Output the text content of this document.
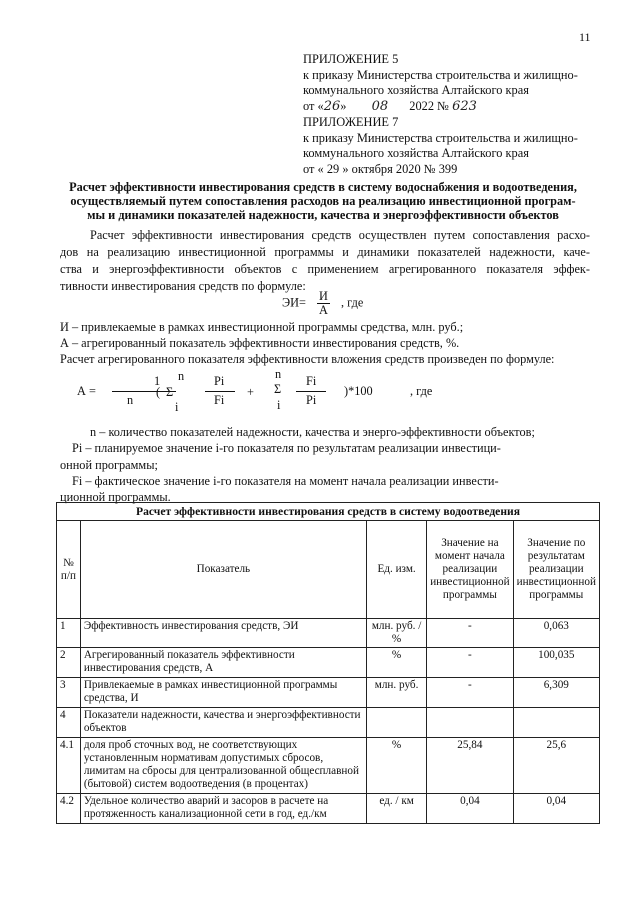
11
ПРИЛОЖЕНИЕ 5
к приказу Министерства строительства и жилищно-
коммунального хозяйства Алтайского края
от «26» 08 2022 № 623
ПРИЛОЖЕНИЕ 7
к приказу Министерства строительства и жилищно-
коммунального хозяйства Алтайского края
от « 29 » октября 2020 № 399
Расчет эффективности инвестирования средств в систему водоснабжения и водоотведения,
осуществляемый путем сопоставления расходов на реализацию инвестиционной програм-
мы и динамики показателей надежности, качества и энергоэффективности объектов
Расчет эффективности инвестирования средств осуществлен путем сопоставления расхо-
дов на реализацию инвестиционной программы и динамики показателей надежности, каче-
ства и энергоэффективности объектов с применением агрегированного показателя эффек-
тивности инвестирования средств по формуле:
$ЭИ= \frac{И}{А}$ , где
И – привлекаемые в рамках инвестиционной программы средства, млн. руб.;
А – агрегированный показатель эффективности инвестирования средств, %.
Расчет агрегированного показателя эффективности вложения средств произведен по формуле:
А =
1
n
(
n
Σ
i
Pi
Fi
+
n
Σ
i
Fi
Pi
)*100	, где
n – количество показателей надежности, качества и энерго-эффективности объектов;
Pi – планируемое значение i-го показателя по результатам реализации инвестици-
онной программы;
Fi – фактическое значение i-го показателя на момент начала реализации инвести-
ционной программы.
Расчет эффективности инвестирования средств в систему водоотведения				
№ п/п	Показатель	Ед. изм.	Значение на момент начала реализации инвестиционной программы	Значение по результатам реализации инвестиционной программы
1	Эффективность инвестирования средств, ЭИ	млн. руб. / %	-	0,063
2	Агрегированный показатель эффективности инвестирования средств, А	%	-	100,035
3	Привлекаемые в рамках инвестиционной программы средства, И	млн. руб.	-	6,309
4	Показатели надежности, качества и энергоэффективности объектов			
4.1	доля проб сточных вод, не соответствующих установленным нормативам допустимых сбросов, лимитам на сбросы для централизованной общесплавной (бытовой) систем водоотведения (в процентах)	%	25,84	25,6
4.2	Удельное количество аварий и засоров в расчете на протяженность канализационной сети в год, ед./км	ед. / км	0,04	0,04
